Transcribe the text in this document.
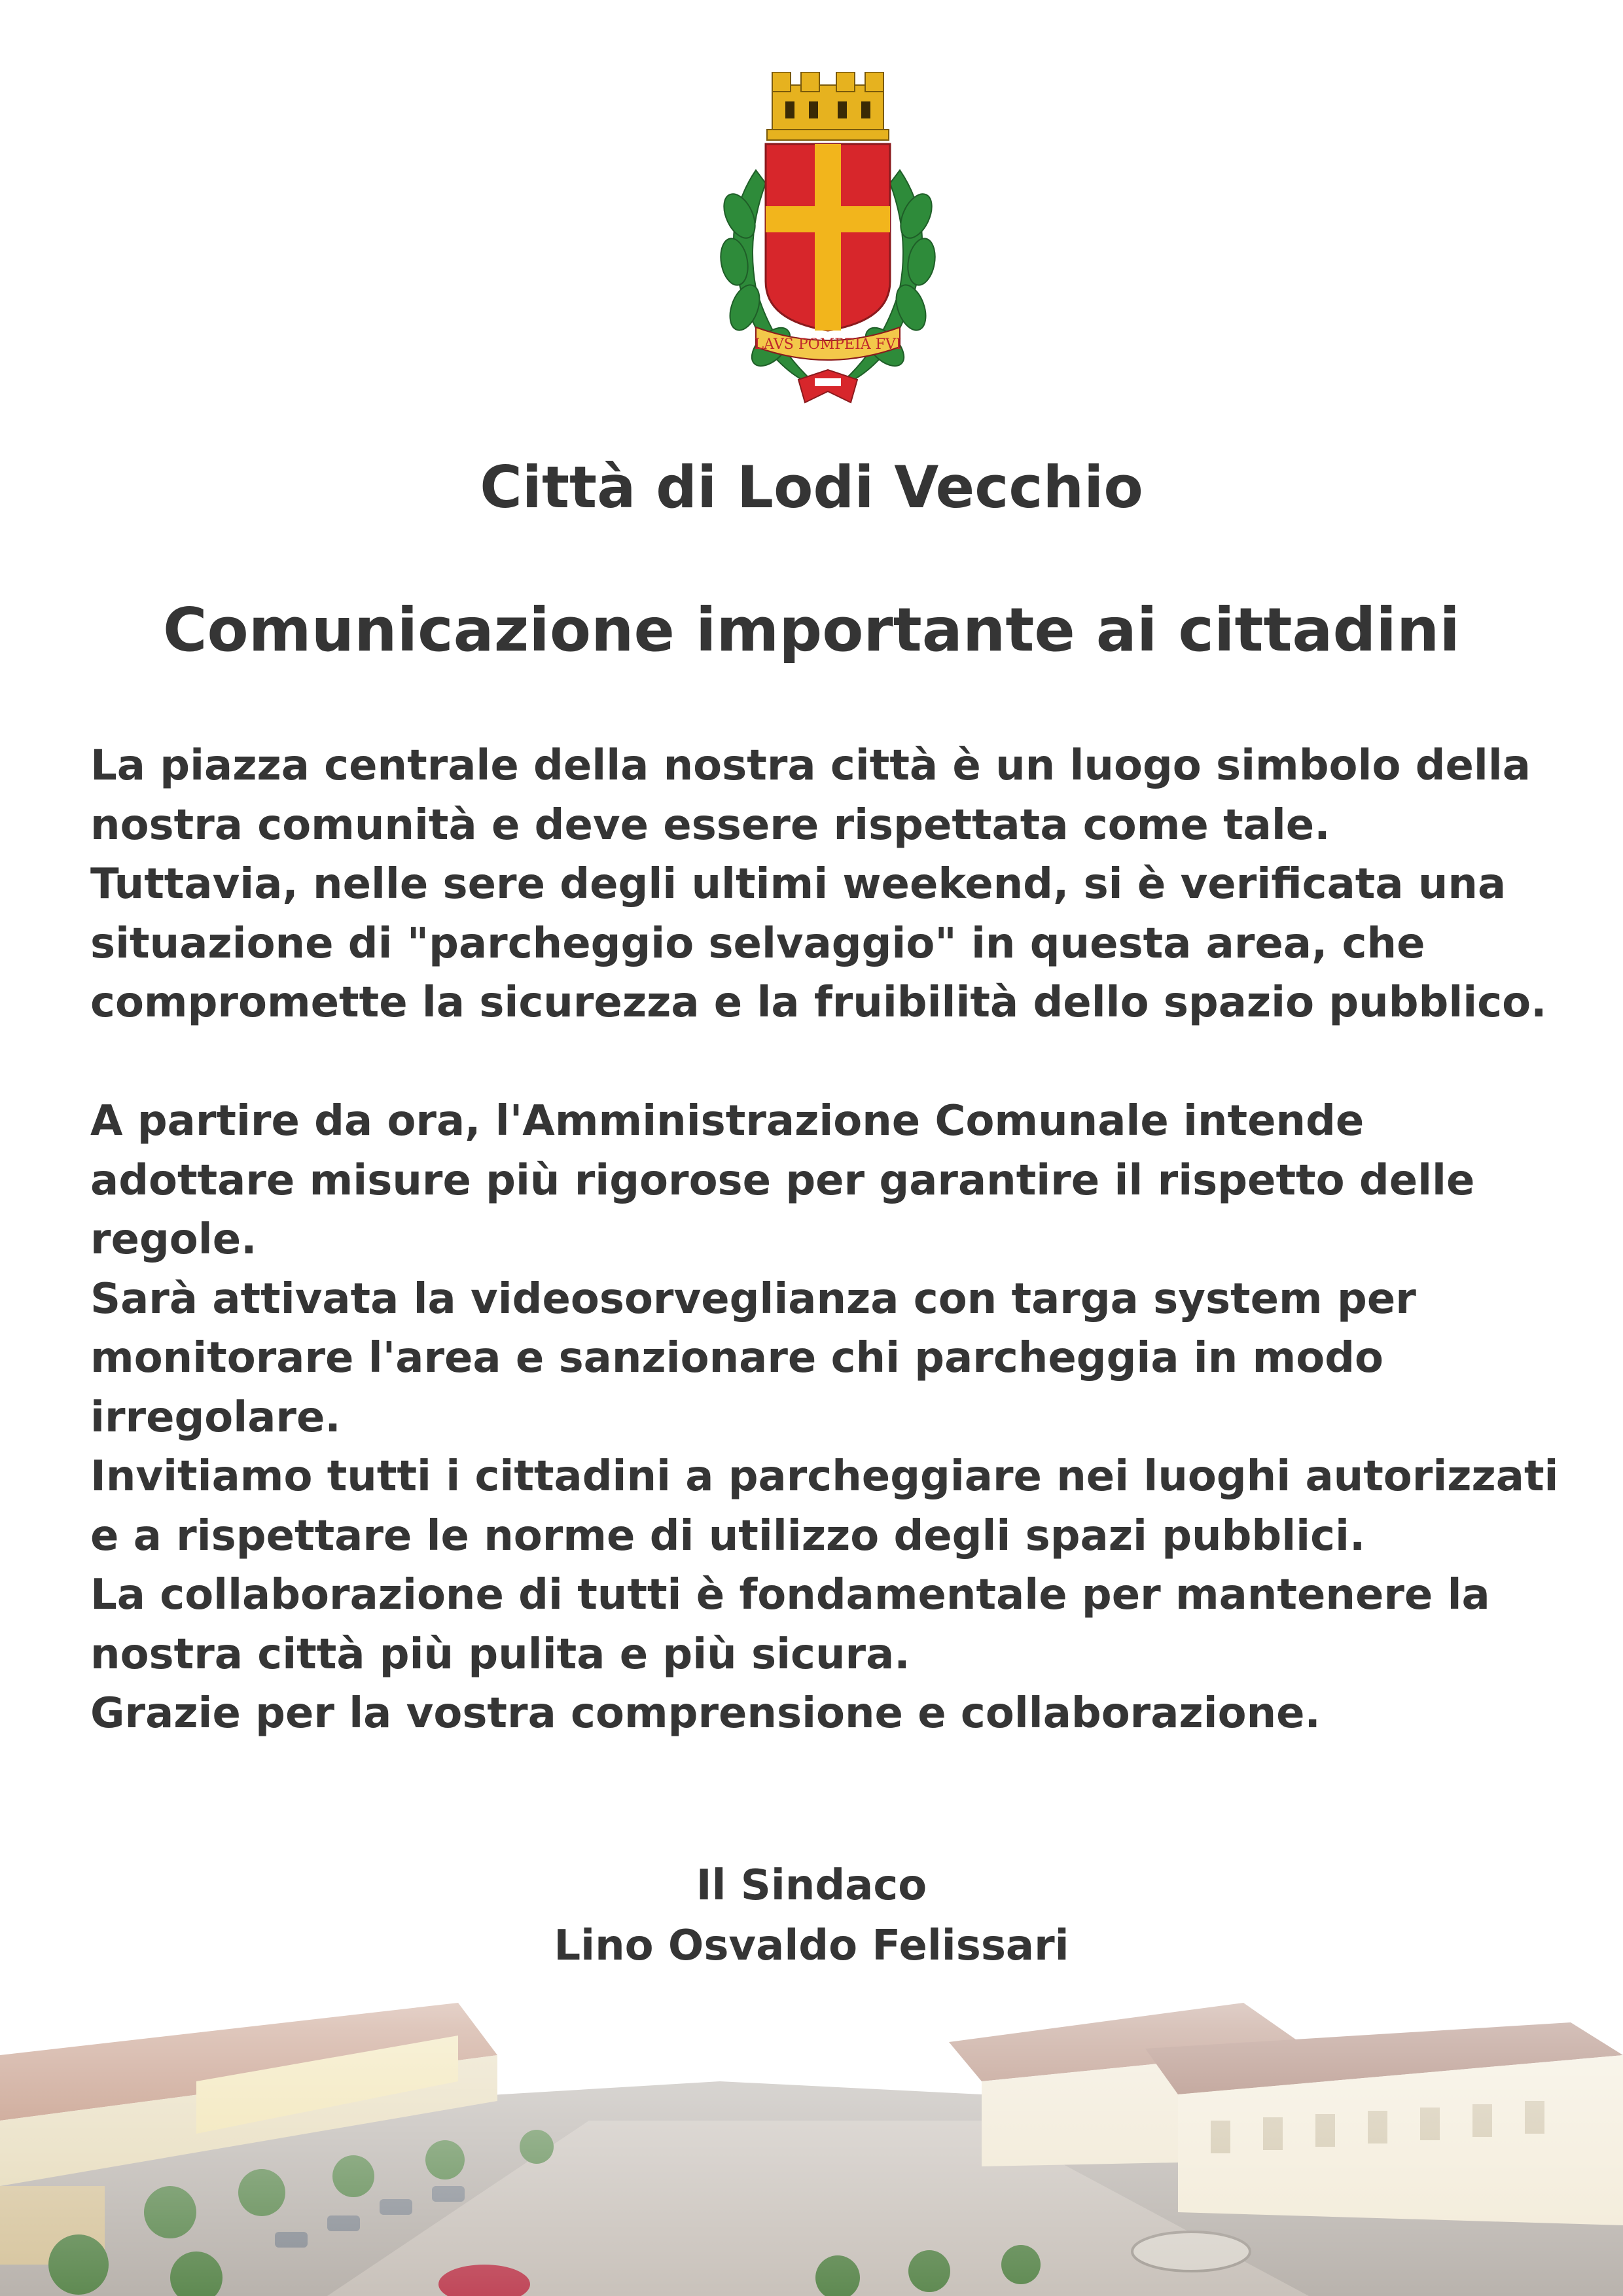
LAVS POMPEIA FVI
Città di Lodi Vecchio
Comunicazione importante ai cittadini
La piazza centrale della nostra città è un luogo simbolo della
nostra comunità e deve essere rispettata come tale.
Tuttavia, nelle sere degli ultimi weekend, si è verificata una
situazione di "parcheggio selvaggio" in questa area, che
compromette la sicurezza e la fruibilità dello spazio pubblico.
A partire da ora, l'Amministrazione Comunale intende
adottare misure più rigorose per garantire il rispetto delle
regole.
Sarà attivata la videosorveglianza con targa system per
monitorare l'area e sanzionare chi parcheggia in modo
irregolare.
Invitiamo tutti i cittadini a parcheggiare nei luoghi autorizzati
e a rispettare le norme di utilizzo degli spazi pubblici.
La collaborazione di tutti è fondamentale per mantenere la
nostra città più pulita e più sicura.
Grazie per la vostra comprensione e collaborazione.
Il Sindaco
Lino Osvaldo Felissari
